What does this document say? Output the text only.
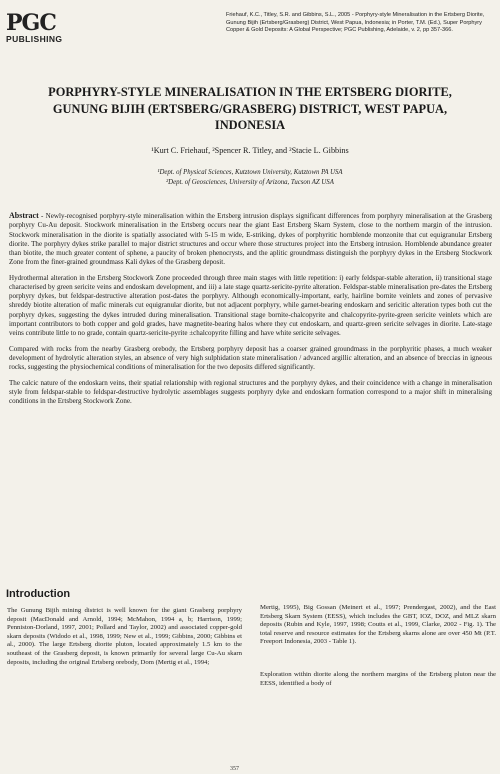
PGC
PUBLISHING
Friehauf, K.C., Titley, S.R. and Gibbins, S.L., 2005 - Porphyry-style Mineralisation in the Ertsberg Diorite, Gunung Bijih (Ertsberg/Grasberg) District, West Papua, Indonesia; in Porter, T.M. (Ed.), Super Porphyry Copper & Gold Deposits: A Global Perspective; PGC Publishing, Adelaide, v. 2, pp 357-366.
PORPHYRY-STYLE MINERALISATION IN THE ERTSBERG DIORITE, GUNUNG BIJIH (ERTSBERG/GRASBERG) DISTRICT, WEST PAPUA, INDONESIA
¹Kurt C. Friehauf, ²Spencer R. Titley, and ²Stacie L. Gibbins
¹Dept. of Physical Sciences, Kutztown University, Kutztown PA USA
²Dept. of Geosciences, University of Arizona, Tucson AZ USA

Abstract - Newly-recognised porphyry-style mineralisation within the Ertsberg intrusion displays significant differences from porphyry mineralisation at the Grasberg porphyry Cu-Au deposit. Stockwork mineralisation in the Ertsberg occurs near the giant East Ertsberg Skarn System, close to the northern margin of the intrusion. Stockwork mineralisation in the diorite is spatially associated with 5-15 m wide, E-striking, dykes of porphyritic hornblende monzonite that cut equigranular Ertsberg diorite. The porphyry dykes strike parallel to major district structures and occur where those structures project into the Ertsberg intrusion. Hornblende abundance greater than biotite, the much greater content of sphene, a paucity of broken phenocrysts, and the aplitic groundmass distinguish the porphyry dykes in the Ertsberg Stockwork Zone from the finer-grained groundmass Kali dykes of the Grasberg deposit.

Hydrothermal alteration in the Ertsberg Stockwork Zone proceeded through three main stages with little repetition: i) early feldspar-stable alteration, ii) transitional stage characterised by green sericite veins and endoskarn development, and iii) a late stage quartz-sericite-pyrite alteration. Feldspar-stable mineralisation pre-dates the Ertsberg porphyry dykes, but feldspar-destructive alteration post-dates the porphyry. Although economically-important, early, hairline bornite veinlets and zones of pervasive shreddy biotite alteration of mafic minerals cut equigranular diorite, but not adjacent porphyry, while garnet-bearing endoskarn and sericitic alteration types both cut the porphyry dykes, suggesting the dykes intruded during mineralisation. Transitional stage bornite-chalcopyrite and chalcopyrite-pyrite-green sericite veinlets which are important contributors to both copper and gold grades, have magnetite-bearing halos where they cut endoskarn, and quartz-green sericite selvages in diorite. Late-stage veins contribute little to no grade, contain quartz-sericite-pyrite ±chalcopyrite filling and have white sericite selvages.

Compared with rocks from the nearby Grasberg orebody, the Ertsberg porphyry deposit has a coarser grained groundmass in the porphyritic phases, a much weaker development of hydrolytic alteration styles, an absence of very high sulphidation state mineralisation / advanced argillic alteration, and an absence of breccias in igneous rocks, suggesting the physiochemical conditions of mineralisation for the two deposits differed significantly.

The calcic nature of the endoskarn veins, their spatial relationship with regional structures and the porphyry dykes, and their coincidence with a change in mineralisation style from feldspar-stable to feldspar-destructive hydrolytic assemblages suggests porphyry dyke and endoskarn formation correspond to a major shift in mineralising conditions in the Ertsberg Stockwork Zone.

Introduction
The Gunung Bijih mining district is well known for the giant Grasberg porphyry deposit (MacDonald and Arnold, 1994; McMahon, 1994 a, b; Harrison, 1999; Penniston-Dorland, 1997, 2001; Pollard and Taylor, 2002) and associated copper-gold skarn deposits (Widodo et al., 1998, 1999; New et al., 1999; Gibbins, 2000; Gibbins et al., 2000). The large Ertsberg diorite pluton, located approximately 1.5 km to the southeast of the Grasberg deposit, is known primarily for several large Cu-Au skarn deposits, including the original Ertsberg orebody, Dom (Mertig et al., 1994;

Mertig, 1995), Big Gossan (Meinert et al., 1997; Prendergast, 2002), and the East Ertsberg Skarn System (EESS), which includes the GBT, IOZ, DOZ, and MLZ skarn deposits (Rubin and Kyle, 1997, 1998; Coutts et al., 1999, Clarke, 2002 - Fig. 1). The total reserve and resource estimates for the Ertsberg skarns alone are over 450 Mt (P.T. Freeport Indonesia, 2003 - Table 1).

Exploration within diorite along the northern margins of the Ertsberg pluton near the EESS, identified a body of

357
